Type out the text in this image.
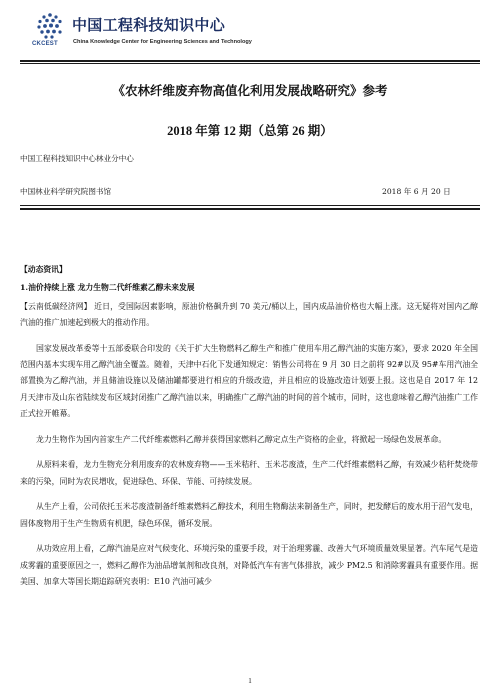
CKCEST
中国工程科技知识中心
China Knowledge Center for Engineering Sciences and Technology
《农林纤维废弃物高值化利用发展战略研究》参考
2018 年第 12 期（总第 26 期）
中国工程科技知识中心林业分中心
中国林业科学研究院图书馆	2018 年 6 月 20 日
【动态资讯】
1.油价持续上涨 龙力生物二代纤维素乙醇未来发展

【云南低碳经济网】 近日，受国际因素影响，原油价格飙升到 70 美元/桶以上，国内成品油价格也大幅上涨。这无疑将对国内乙醇汽油的推广加速起到极大的推动作用。

国家发展改革委等十五部委联合印发的《关于扩大生物燃料乙醇生产和推广使用车用乙醇汽油的实施方案》，要求 2020 年全国范围内基本实现车用乙醇汽油全覆盖。随着，天津中石化下发通知规定：销售公司将在 9 月 30 日之前将 92#以及 95#车用汽油全部置换为乙醇汽油，并且储油设施以及储油罐都要进行相应的升级改造，并且相应的设施改造计划要上报。这也是自 2017 年 12 月天津市及山东省陆续发布区域封闭推广乙醇汽油以来，明确推广乙醇汽油的时间的首个城市，同时，这也意味着乙醇汽油推广工作正式拉开帷幕。

龙力生物作为国内首家生产二代纤维素燃料乙醇并获得国家燃料乙醇定点生产资格的企业，将掀起一场绿色发展革命。

从原料来看，龙力生物充分利用废弃的农林废弃物——玉米秸秆、玉米芯废渣，生产二代纤维素燃料乙醇，有效减少秸秆焚烧带来的污染，同时为农民增收，促进绿色、环保、节能、可持续发展。

从生产上看，公司依托玉米芯废渣制备纤维素燃料乙醇技术，利用生物酶法来制备生产，同时，把发酵后的废水用于沼气发电，固体废物用于生产生物质有机肥，绿色环保，循环发展。

从功效应用上看，乙醇汽油是应对气候变化、环境污染的重要手段，对于治理雾霾、改善大气环境质量效果显著。汽车尾气是造成雾霾的重要原因之一，燃料乙醇作为油品增氧剂和改良剂，对降低汽车有害气体排放，减少 PM2.5 和消除雾霾具有重要作用。据美国、加拿大等国长期追踪研究表明：E10 汽油可减少

1
